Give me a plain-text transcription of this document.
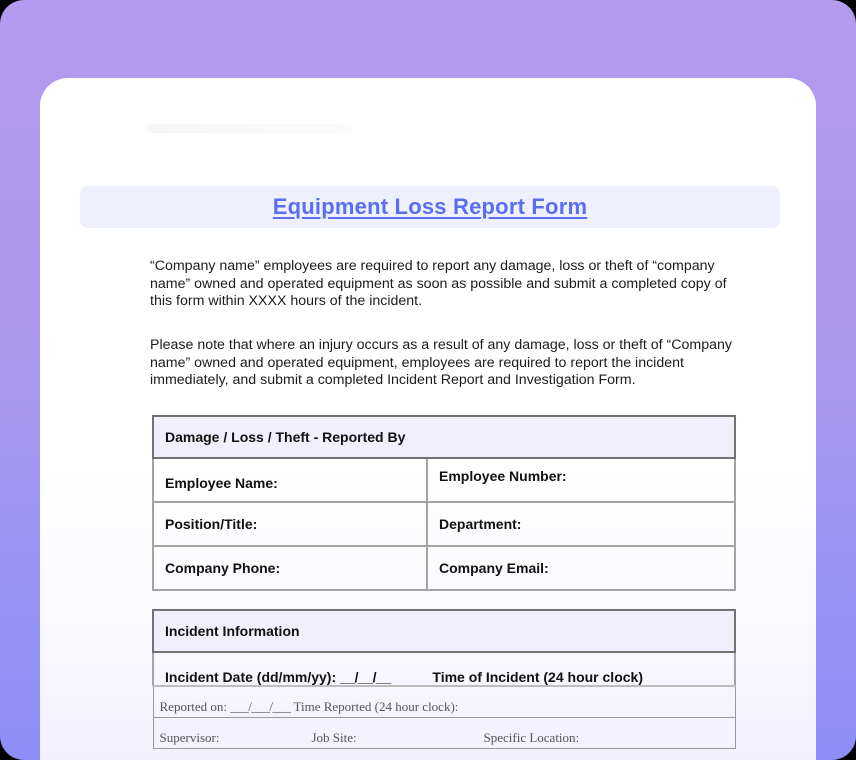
Equipment Loss Report Form

“Company name” employees are required to report any damage, loss or theft of “company name” owned and operated equipment as soon as possible and submit a completed copy of this form within XXXX hours of the incident.

Please note that where an injury occurs as a result of any damage, loss or theft of “Company name” owned and operated equipment, employees are required to report the incident immediately, and submit a completed Incident Report and Investigation Form.

Damage / Loss / Theft - Reported By	
Employee Name:	Employee Number:
Position/Title:	Department:
Company Phone:	Company Email:
Incident Information
Incident Date (dd/mm/yy): __/__/__	Time of Incident (24 hour clock)
Reported on: ___/___/___ Time Reported (24 hour clock):
Supervisor:	Job Site:	Specific Location:
